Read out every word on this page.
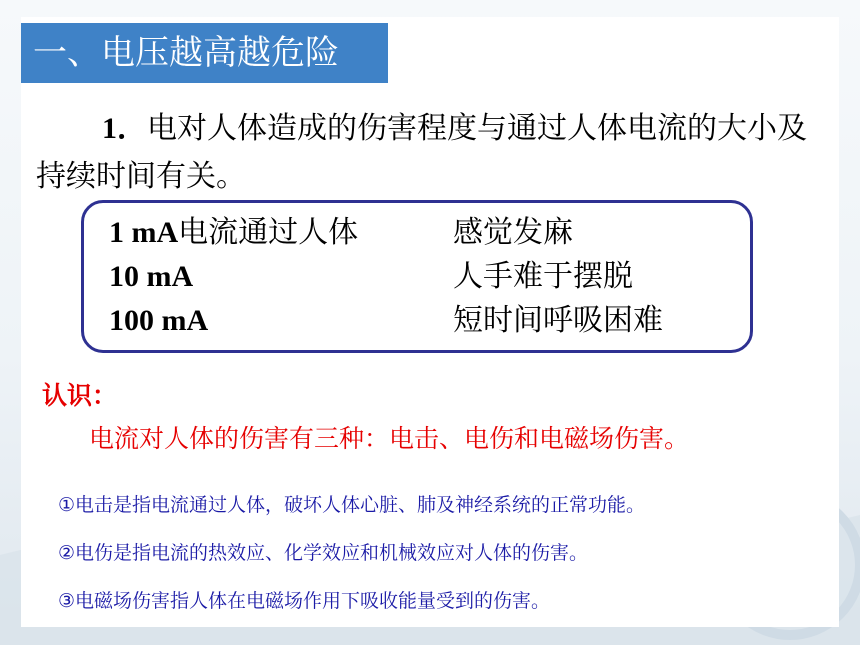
一、电压越高越危险
1．电对人体造成的伤害程度与通过人体电流的大小及持续时间有关。
1 mA电流通过人体	感觉发麻
10 mA	人手难于摆脱
100 mA	短时间呼吸困难
认识：
电流对人体的伤害有三种：电击、电伤和电磁场伤害。
①电击是指电流通过人体，破坏人体心脏、肺及神经系统的正常功能。
②电伤是指电流的热效应、化学效应和机械效应对人体的伤害。
③电磁场伤害指人体在电磁场作用下吸收能量受到的伤害。
